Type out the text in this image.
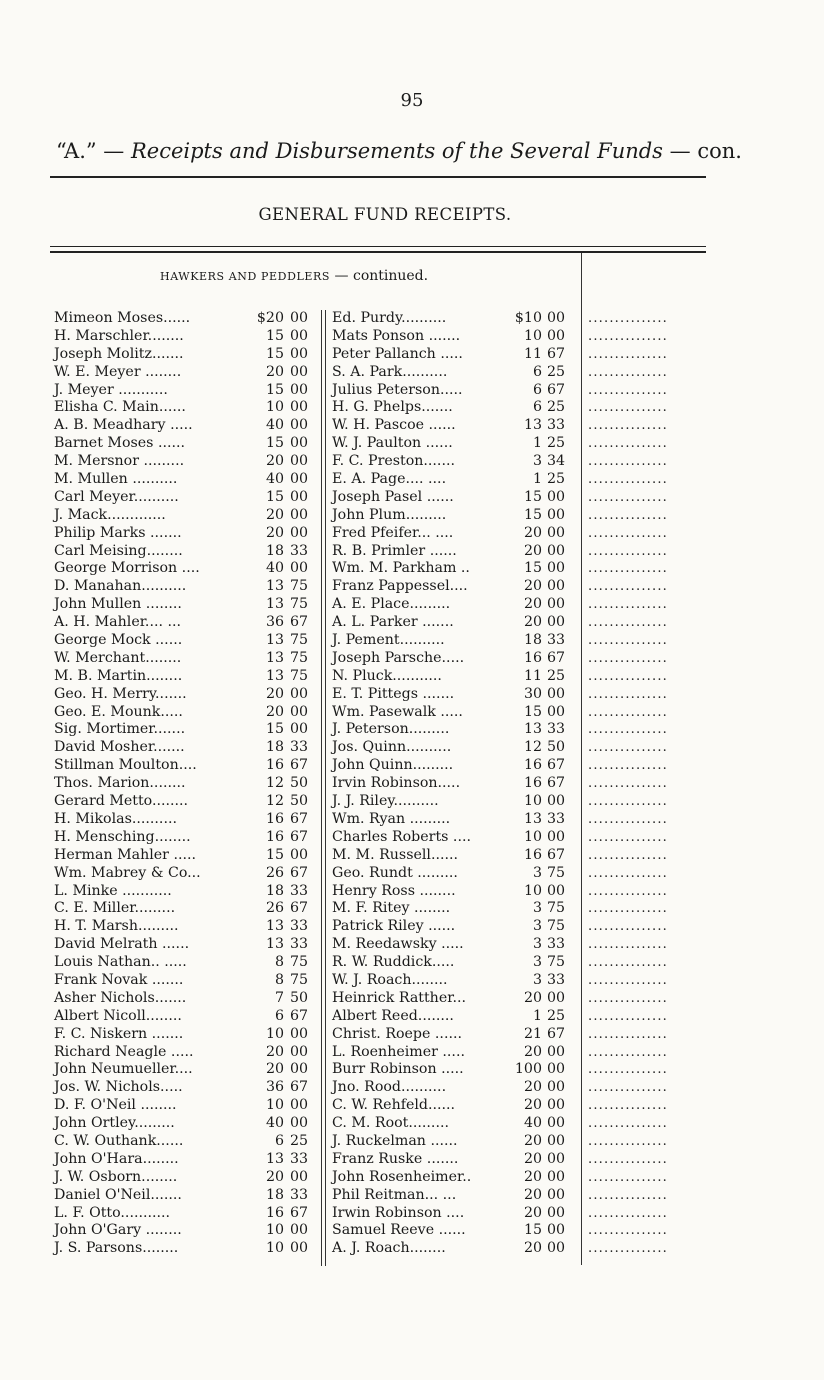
95
“A.” — Receipts and Disbursements of the Several Funds — con.
GENERAL FUND RECEIPTS.
HAWKERS AND PEDDLERS — continued.
Mimeon Moses......	$20 00
H. Marschler........	15 00
Joseph Molitz.......	15 00
W. E. Meyer ........	20 00
J. Meyer ...........	15 00
Elisha C. Main......	10 00
A. B. Meadhary .....	40 00
Barnet Moses ......	15 00
M. Mersnor .........	20 00
M. Mullen ..........	40 00
Carl Meyer..........	15 00
J. Mack.............	20 00
Philip Marks .......	20 00
Carl Meising........	18 33
George Morrison ....	40 00
D. Manahan..........	13 75
John Mullen ........	13 75
A. H. Mahler.... ...	36 67
George Mock ......	13 75
W. Merchant........	13 75
M. B. Martin........	13 75
Geo. H. Merry.......	20 00
Geo. E. Mounk.....	20 00
Sig. Mortimer.......	15 00
David Mosher.......	18 33
Stillman Moulton....	16 67
Thos. Marion........	12 50
Gerard Metto........	12 50
H. Mikolas..........	16 67
H. Mensching........	16 67
Herman Mahler .....	15 00
Wm. Mabrey & Co...	26 67
L. Minke ...........	18 33
C. E. Miller.........	26 67
H. T. Marsh.........	13 33
David Melrath ......	13 33
Louis Nathan.. .....	8 75
Frank Novak .......	8 75
Asher Nichols.......	7 50
Albert Nicoll........	6 67
F. C. Niskern .......	10 00
Richard Neagle .....	20 00
John Neumueller....	20 00
Jos. W. Nichols.....	36 67
D. F. O'Neil ........	10 00
John Ortley.........	40 00
C. W. Outhank......	6 25
John O'Hara........	13 33
J. W. Osborn........	20 00
Daniel O'Neil.......	18 33
L. F. Otto...........	16 67
John O'Gary ........	10 00
J. S. Parsons........	10 00
Ed. Purdy..........	$10 00
Mats Ponson .......	10 00
Peter Pallanch .....	11 67
S. A. Park..........	6 25
Julius Peterson.....	6 67
H. G. Phelps.......	6 25
W. H. Pascoe ......	13 33
W. J. Paulton ......	1 25
F. C. Preston.......	3 34
E. A. Page.... ....	1 25
Joseph Pasel ......	15 00
John Plum.........	15 00
Fred Pfeifer... ....	20 00
R. B. Primler ......	20 00
Wm. M. Parkham ..	15 00
Franz Pappessel....	20 00
A. E. Place.........	20 00
A. L. Parker .......	20 00
J. Pement..........	18 33
Joseph Parsche.....	16 67
N. Pluck...........	11 25
E. T. Pittegs .......	30 00
Wm. Pasewalk .....	15 00
J. Peterson.........	13 33
Jos. Quinn..........	12 50
John Quinn.........	16 67
Irvin Robinson.....	16 67
J. J. Riley..........	10 00
Wm. Ryan .........	13 33
Charles Roberts ....	10 00
M. M. Russell......	16 67
Geo. Rundt .........	3 75
Henry Ross ........	10 00
M. F. Ritey ........	3 75
Patrick Riley ......	3 75
M. Reedawsky .....	3 33
R. W. Ruddick.....	3 75
W. J. Roach........	3 33
Heinrick Ratther...	20 00
Albert Reed........	1 25
Christ. Roepe ......	21 67
L. Roenheimer .....	20 00
Burr Robinson .....	100 00
Jno. Rood..........	20 00
C. W. Rehfeld......	20 00
C. M. Root.........	40 00
J. Ruckelman ......	20 00
Franz Ruske .......	20 00
John Rosenheimer..	20 00
Phil Reitman... ...	20 00
Irwin Robinson ....	20 00
Samuel Reeve ......	15 00
A. J. Roach........	20 00
...............
...............
...............
...............
...............
...............
...............
...............
...............
...............
...............
...............
...............
...............
...............
...............
...............
...............
...............
...............
...............
...............
...............
...............
...............
...............
...............
...............
...............
...............
...............
...............
...............
...............
...............
...............
...............
...............
...............
...............
...............
...............
...............
...............
...............
...............
...............
...............
...............
...............
...............
...............
...............
